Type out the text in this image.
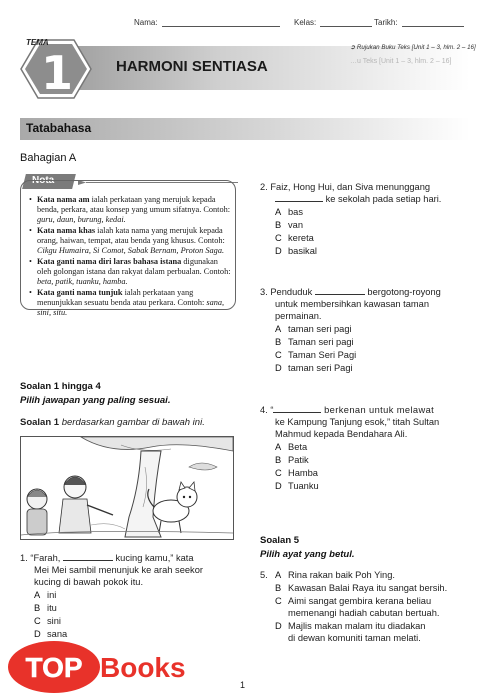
Nama:	Kelas:	Tarikh:
TEMA
1	HARMONI SENTIASA
➲ Rujukan Buku Teks [Unit 1 – 3, hlm. 2 – 16]
…u Teks [Unit 1 – 3, hlm. 2 – 16]
Tatabahasa
Bahagian A
Nota
• Kata nama am ialah perkataan yang merujuk kepada benda, perkara, atau konsep yang umum sifatnya. Contoh: guru, daun, burung, kedai.
• Kata nama khas ialah kata nama yang merujuk kepada orang, haiwan, tempat, atau benda yang khusus. Contoh: Cikgu Humaira, Si Comot, Sabak Bernam, Proton Saga.
• Kata ganti nama diri laras bahasa istana digunakan oleh golongan istana dan rakyat dalam perbualan. Contoh: beta, patik, tuanku, hamba.
• Kata ganti nama tunjuk ialah perkataan yang menunjukkan sesuatu benda atau perkara. Contoh: sana, sini, situ.
Soalan 1 hingga 4
Pilih jawapan yang paling sesuai.
Soalan 1 berdasarkan gambar di bawah ini.
1. “Farah,	kucing kamu,” kata
Mei Mei sambil menunjuk ke arah seekor
kucing di bawah pokok itu.
A ini
B itu
C sini
D sana
2. Faiz, Hong Hui, dan Siva menunggang
ke sekolah pada setiap hari.
A bas
B van
C kereta
D basikal
3. Penduduk	bergotong-royong
untuk membersihkan kawasan taman
permainan.
A taman seri pagi
B Taman seri pagi
C Taman Seri Pagi
D taman seri Pagi
4. “	berkenan untuk melawat
ke Kampung Tanjung esok,” titah Sultan
Mahmud kepada Bendahara Ali.
A Beta
B Patik
C Hamba
D Tuanku
Soalan 5
Pilih ayat yang betul.
5. A Rina rakan baik Poh Ying.
B Kawasan Balai Raya itu sangat bersih.
C Aimi sangat gembira kerana beliau
memenangi hadiah cabutan bertuah.
D Majlis makan malam itu diadakan
di dewan komuniti taman melati.
1
TOP Books
